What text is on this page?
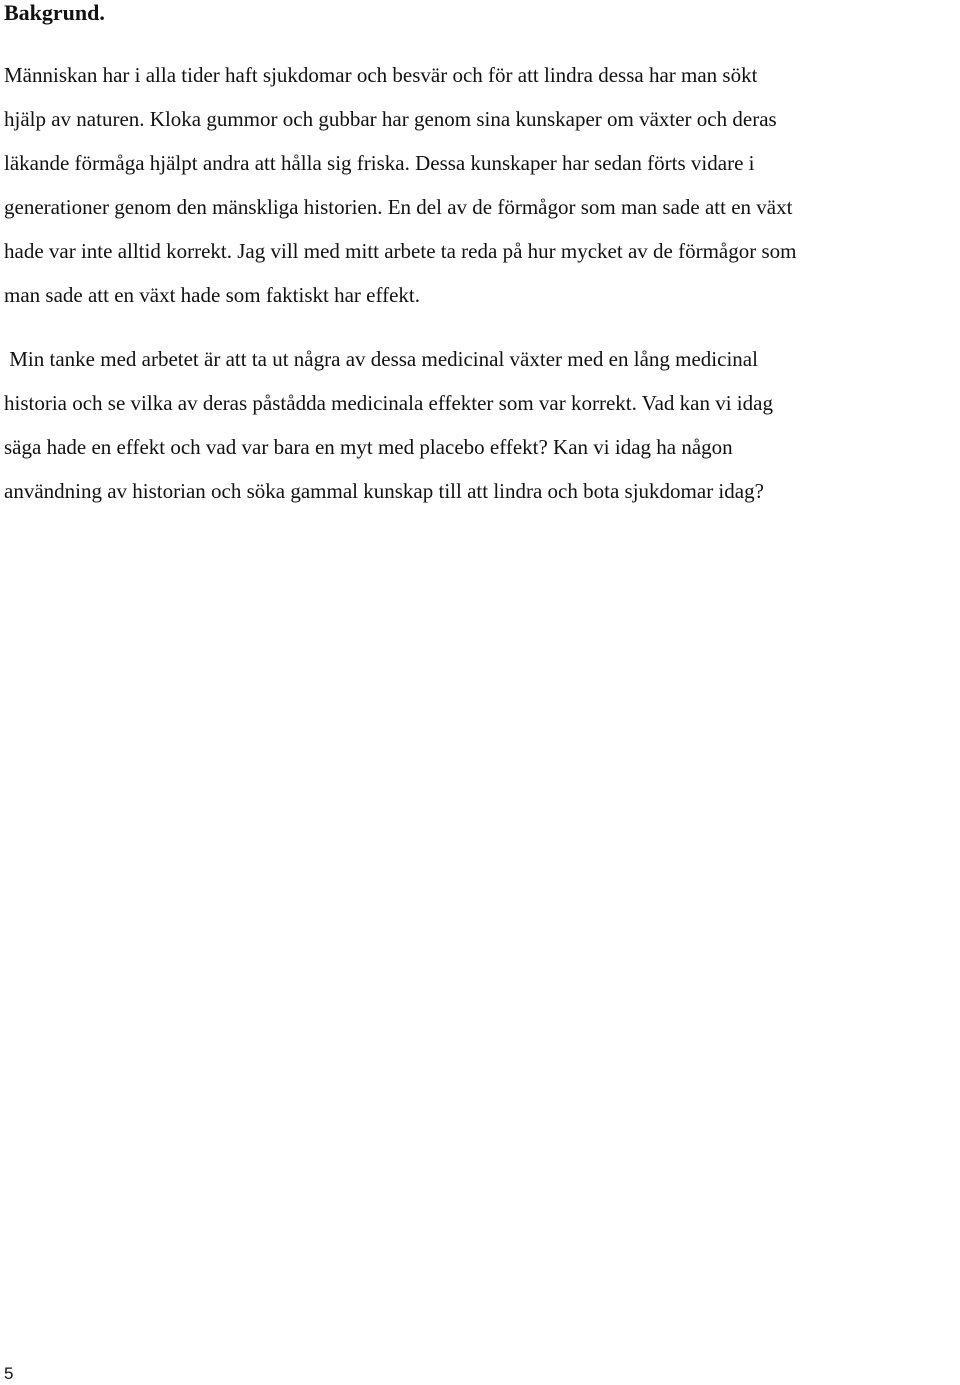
Bakgrund.

Människan har i alla tider haft sjukdomar och besvär och för att lindra dessa har man sökt
hjälp av naturen. Kloka gummor och gubbar har genom sina kunskaper om växter och deras
läkande förmåga hjälpt andra att hålla sig friska. Dessa kunskaper har sedan förts vidare i
generationer genom den mänskliga historien. En del av de förmågor som man sade att en växt
hade var inte alltid korrekt. Jag vill med mitt arbete ta reda på hur mycket av de förmågor som
man sade att en växt hade som faktiskt har effekt.

Min tanke med arbetet är att ta ut några av dessa medicinal växter med en lång medicinal
historia och se vilka av deras påstådda medicinala effekter som var korrekt. Vad kan vi idag
säga hade en effekt och vad var bara en myt med placebo effekt? Kan vi idag ha någon
användning av historian och söka gammal kunskap till att lindra och bota sjukdomar idag?

5
